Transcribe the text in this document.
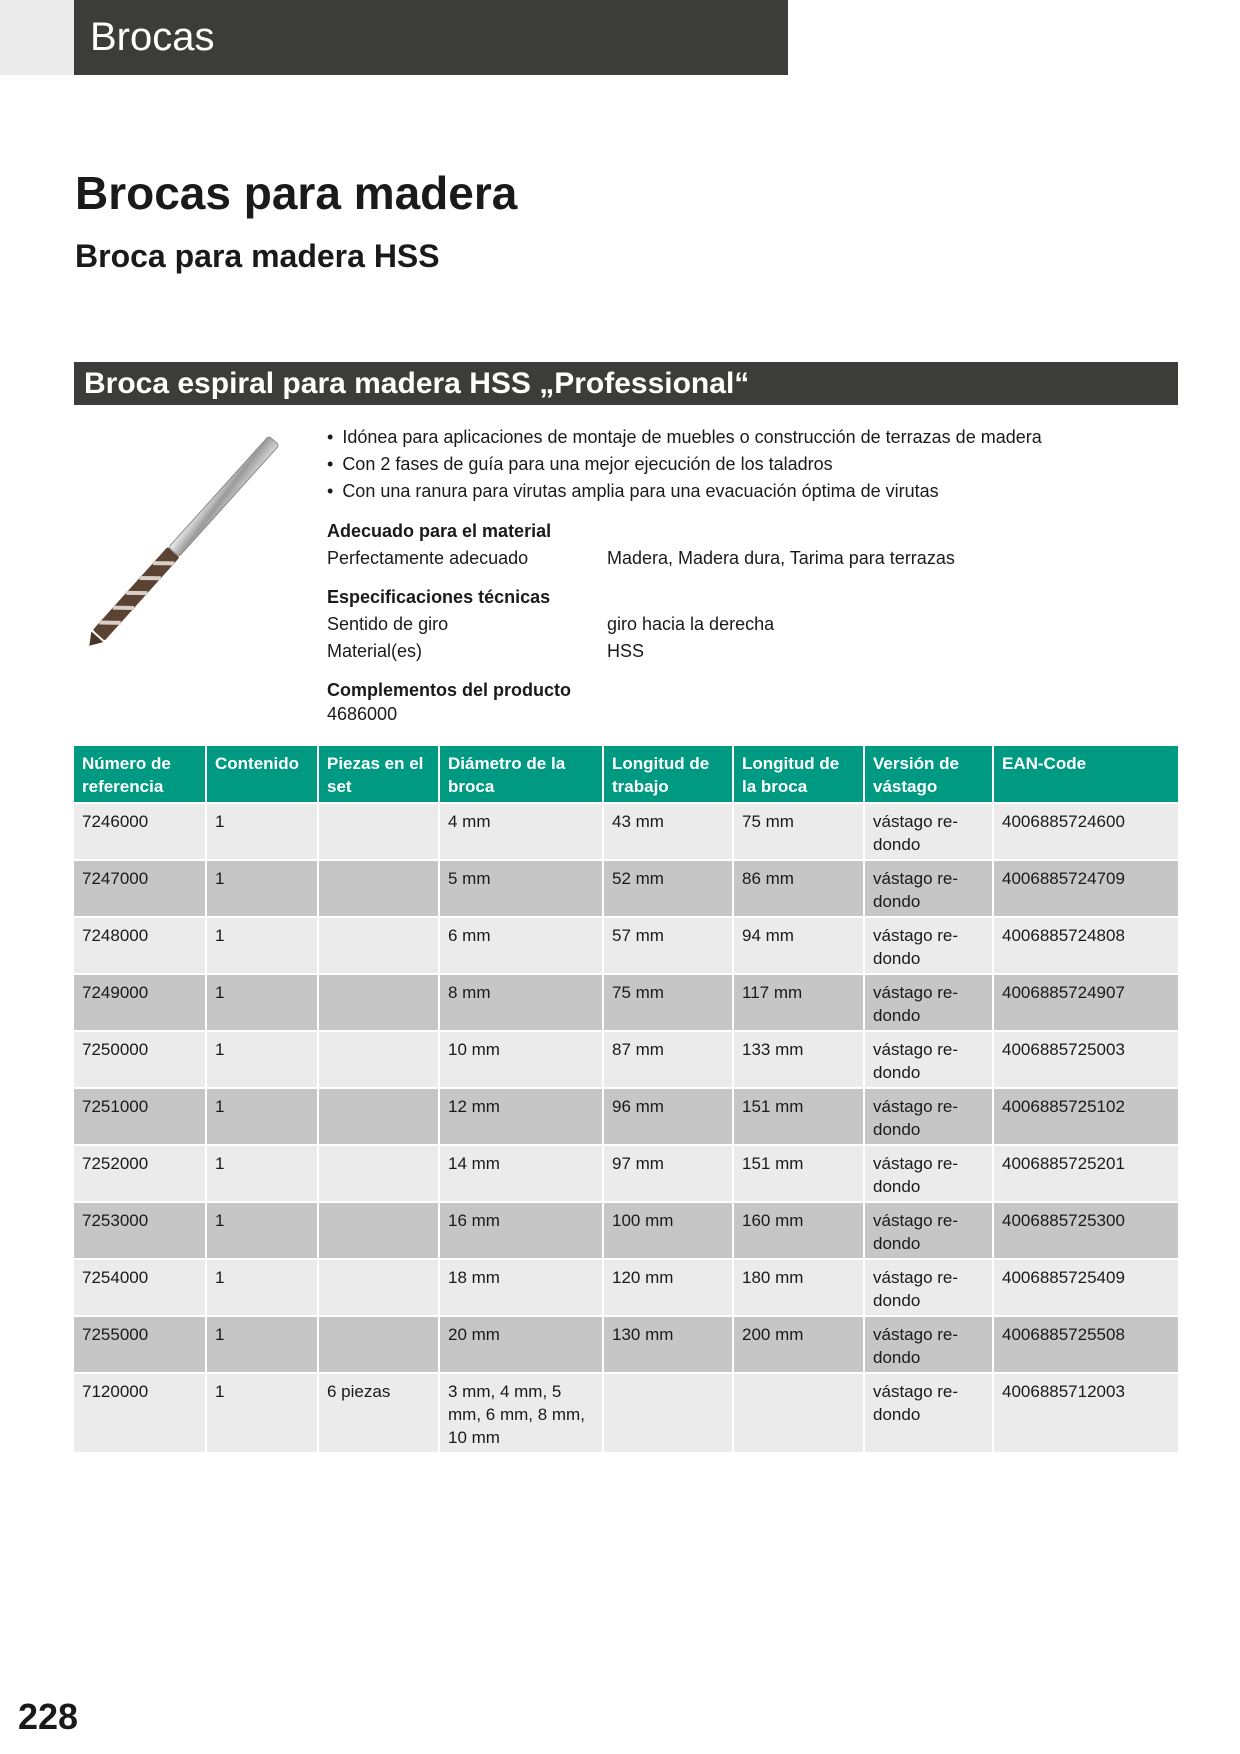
Brocas
Brocas para madera
Broca para madera HSS
Broca espiral para madera HSS „Professional“
• Idónea para aplicaciones de montaje de muebles o construcción de terrazas de madera
• Con 2 fases de guía para una mejor ejecución de los taladros
• Con una ranura para virutas amplia para una evacuación óptima de virutas
Adecuado para el material
Perfectamente adecuado	Madera, Madera dura, Tarima para terrazas
Especificaciones técnicas
Sentido de giro	giro hacia la derecha
Material(es)	HSS
Complementos del producto
4686000
Número de referencia	Contenido	Piezas en el set	Diámetro de la broca	Longitud de trabajo	Longitud de la broca	Versión de vástago	EAN-Code
7246000	1		4 mm	43 mm	75 mm	vástago re-dondo	4006885724600
7247000	1		5 mm	52 mm	86 mm	vástago re-dondo	4006885724709
7248000	1		6 mm	57 mm	94 mm	vástago re-dondo	4006885724808
7249000	1		8 mm	75 mm	117 mm	vástago re-dondo	4006885724907
7250000	1		10 mm	87 mm	133 mm	vástago re-dondo	4006885725003
7251000	1		12 mm	96 mm	151 mm	vástago re-dondo	4006885725102
7252000	1		14 mm	97 mm	151 mm	vástago re-dondo	4006885725201
7253000	1		16 mm	100 mm	160 mm	vástago re-dondo	4006885725300
7254000	1		18 mm	120 mm	180 mm	vástago re-dondo	4006885725409
7255000	1		20 mm	130 mm	200 mm	vástago re-dondo	4006885725508
7120000	1	6 piezas	3 mm, 4 mm, 5 mm, 6 mm, 8 mm, 10 mm			vástago re-dondo	4006885712003
228
